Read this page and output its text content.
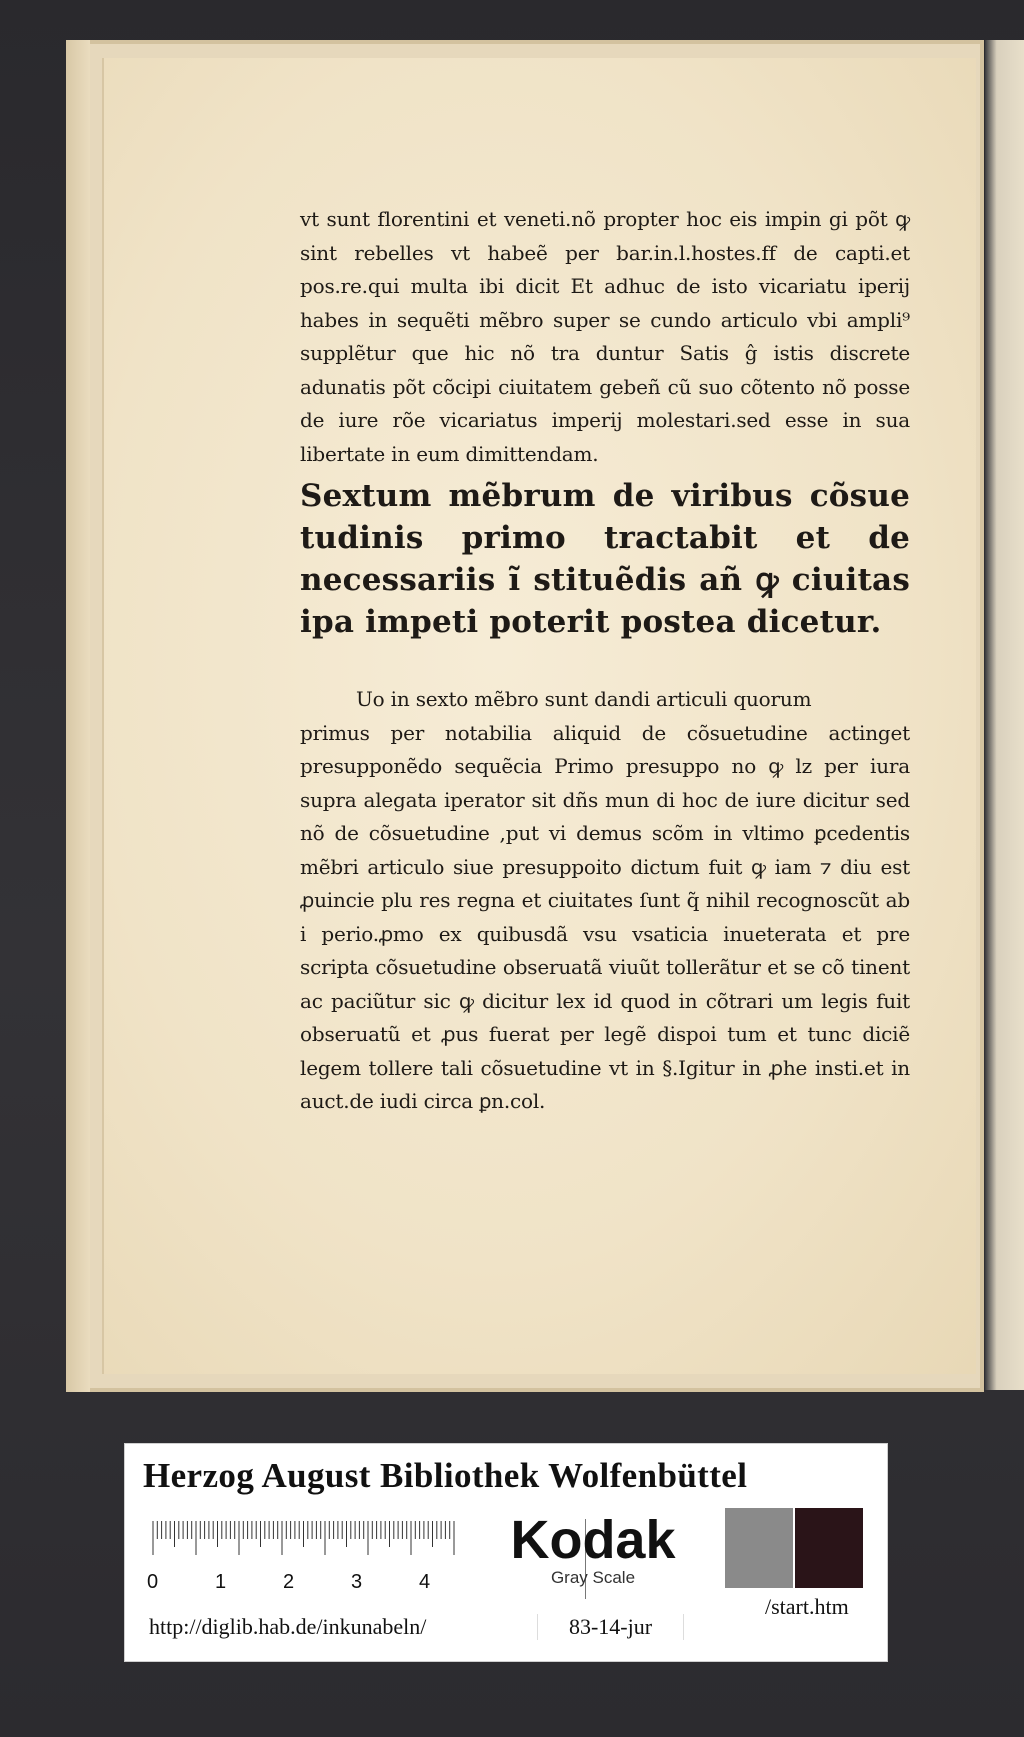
vt sunt florentini et veneti.nõ propter hoc eis impin gi põt ꝙ sint rebelles vt habeẽ per bar.in.l.hostes.ff de capti.et pos.re.qui multa ibi dicit Et adhuc de isto vicariatu iperij habes in sequẽti mẽbro super se cundo articulo vbi ampli⁹ supplẽtur que hic nõ tra duntur Satis ĝ istis discrete adunatis põt cõcipi ciuitatem gebeñ cũ suo cõtento nõ posse de iure rõe vicariatus imperij molestari.sed esse in sua libertate in eum dimittendam.

Sextum mẽbrum de viribus cõsue tudinis primo tractabit et de necessariis ĩ stituẽdis añ ꝙ ciuitas ipa impeti poterit postea dicetur.

Uo in sexto mẽbro sunt dandi articuli quorum
primus per notabilia aliquid de cõsuetudine actinget presupponẽdo sequẽcia Primo presuppo no ꝙ lz per iura supra alegata iperator sit dñs mun di hoc de iure dicitur sed nõ de cõsuetudine ,put vi demus scõm in vltimo ꝑcedentis mẽbri articulo siue presuppoito dictum fuit ꝙ iam ⁊ diu est ꝓuincie plu res regna et ciuitates ſunt q̃ nihil recognoscũt ab i perio.ꝓmo ex quibusdã vsu vsaticia inueterata et pre scripta cõsuetudine obseruatã viuũt tollerãtur et se cõ tinent ac paciũtur sic ꝙ dicitur lex id quod in cõtrari um legis fuit obseruatũ et ꝓus fuerat per legẽ dispoi tum et tunc diciẽ legem tollere tali cõsuetudine vt in §.Igitur in ꝓhe insti.et in auct.de iudi circa ꝑn.col.
Herzog August Bibliothek Wolfenbüttel
0	1	2	3	4
Kodak
Gray Scale
http://diglib.hab.de/inkunabeln/	83-14-jur
/start.htm
